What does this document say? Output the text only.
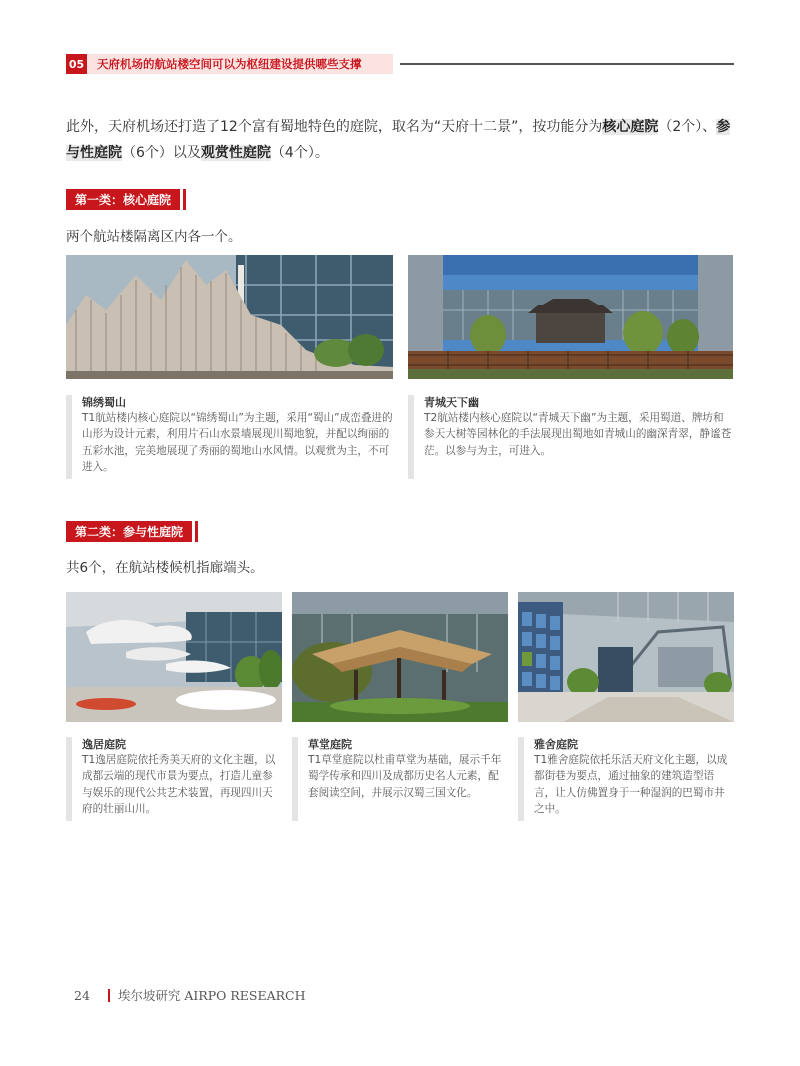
05	天府机场的航站楼空间可以为枢纽建设提供哪些支撑

此外，天府机场还打造了12个富有蜀地特色的庭院，取名为“天府十二景”，按功能分为核心庭院（2个）、参与性庭院（6个）以及观赏性庭院（4个）。

第一类：核心庭院
两个航站楼隔离区内各一个。
锦绣蜀山
T1航站楼内核心庭院以“锦绣蜀山”为主题，采用“蜀山”成峦叠进的山形为设计元素，利用片石山水景墙展现川蜀地貌，并配以绚丽的五彩水池，完美地展现了秀丽的蜀地山水风情。以观赏为主，不可进入。
青城天下幽
T2航站楼内核心庭院以“青城天下幽”为主题，采用蜀道、牌坊和参天大树等园林化的手法展现出蜀地如青城山的幽深青翠，静谧苍茫。以参与为主，可进入。
第二类：参与性庭院
共6个，在航站楼候机指廊端头。
逸居庭院
T1逸居庭院依托秀美天府的文化主题，以成都云端的现代市景为要点，打造儿童参与娱乐的现代公共艺术装置，再现四川天府的壮丽山川。
草堂庭院
T1草堂庭院以杜甫草堂为基础，展示千年蜀学传承和四川及成都历史名人元素，配套阅读空间，并展示汉蜀三国文化。
雅舍庭院
T1雅舍庭院依托乐活天府文化主题，以成都街巷为要点，通过抽象的建筑造型语言，让人仿佛置身于一种湿润的巴蜀市井之中。
24 埃尔坡研究 AIRPO RESEARCH
